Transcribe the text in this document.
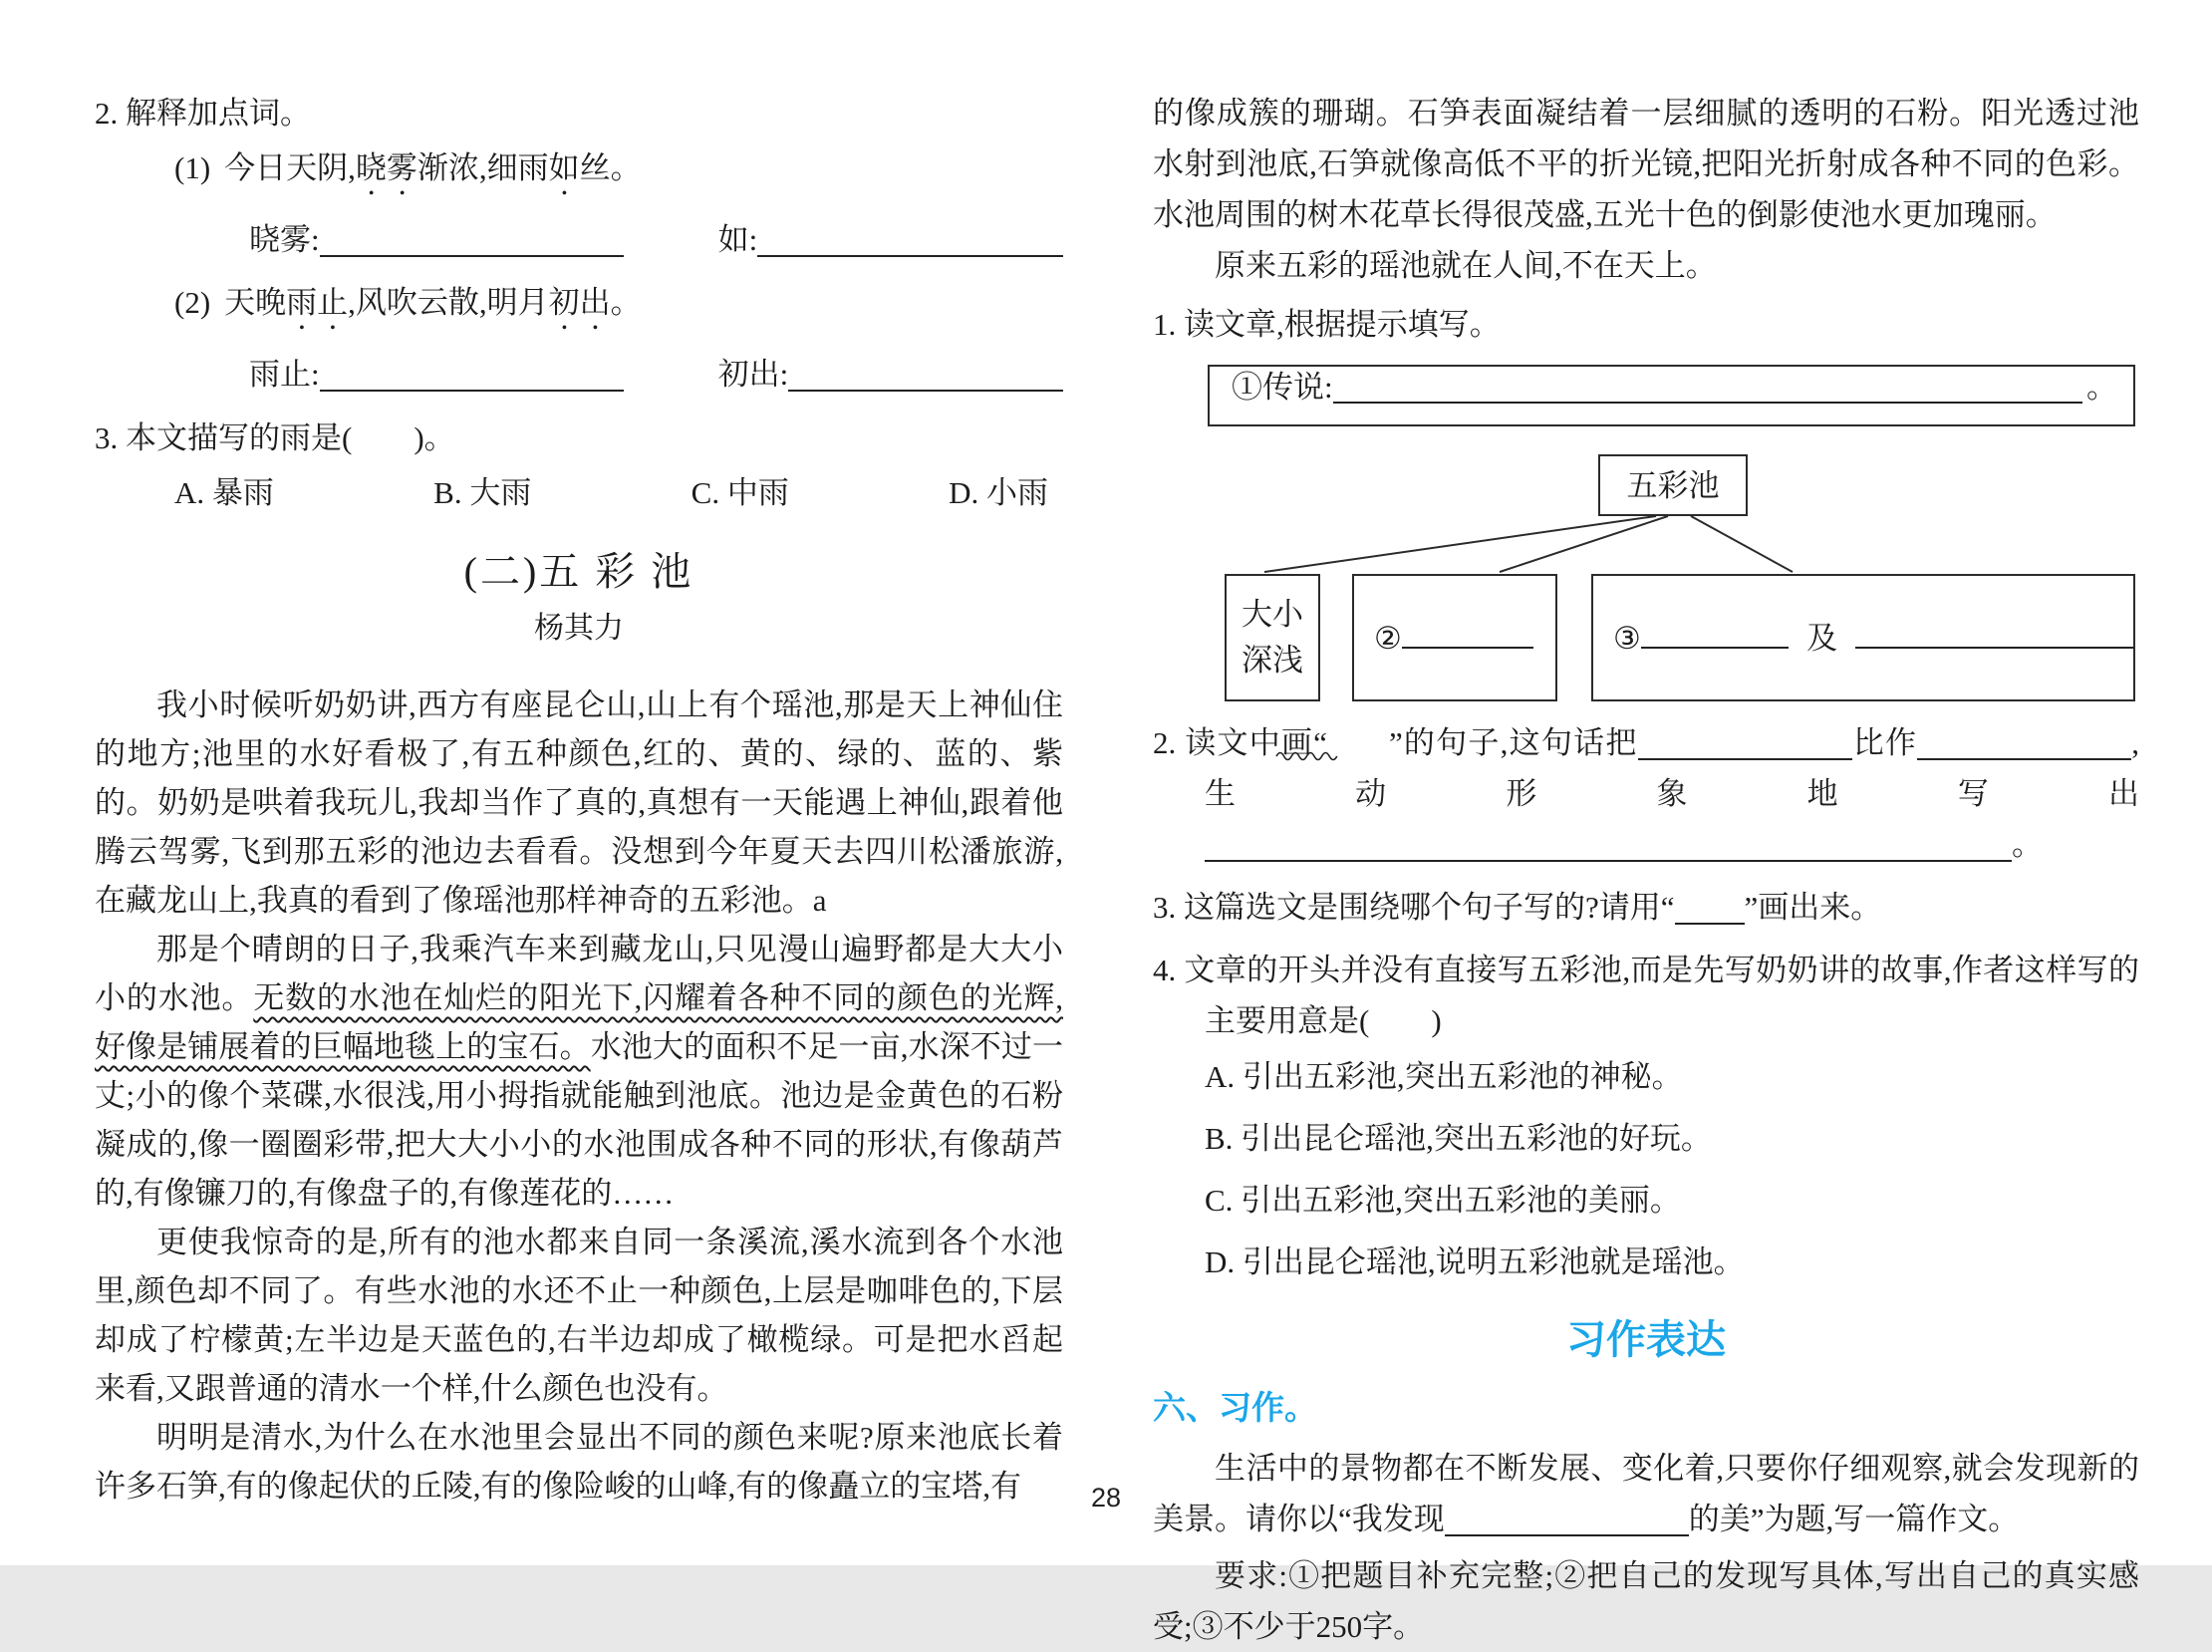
2. 解释加点词。

(1) 今日天阴,晓雾渐浓,细雨如丝。
晓雾:	如:
(2) 天晚雨止,风吹云散,明月初出。
雨止:	初出:

3. 本文描写的雨是(　　)。

A. 暴雨	B. 大雨	C. 中雨	D. 小雨

(二)五 彩 池

杨其力

我小时候听奶奶讲,西方有座昆仑山,山上有个瑶池,那是天上神仙住的地方;池里的水好看极了,有五种颜色,红的、黄的、绿的、蓝的、紫的。奶奶是哄着我玩儿,我却当作了真的,真想有一天能遇上神仙,跟着他腾云驾雾,飞到那五彩的池边去看看。没想到今年夏天去四川松潘旅游,在藏龙山上,我真的看到了像瑶池那样神奇的五彩池。a

那是个晴朗的日子,我乘汽车来到藏龙山,只见漫山遍野都是大大小小的水池。无数的水池在灿烂的阳光下,闪耀着各种不同的颜色的光辉,好像是铺展着的巨幅地毯上的宝石。水池大的面积不足一亩,水深不过一丈;小的像个菜碟,水很浅,用小拇指就能触到池底。池边是金黄色的石粉凝成的,像一圈圈彩带,把大大小小的水池围成各种不同的形状,有像葫芦的,有像镰刀的,有像盘子的,有像莲花的……

更使我惊奇的是,所有的池水都来自同一条溪流,溪水流到各个水池里,颜色却不同了。有些水池的水还不止一种颜色,上层是咖啡色的,下层却成了柠檬黄;左半边是天蓝色的,右半边却成了橄榄绿。可是把水舀起来看,又跟普通的清水一个样,什么颜色也没有。

明明是清水,为什么在水池里会显出不同的颜色来呢?原来池底长着许多石笋,有的像起伏的丘陵,有的像险峻的山峰,有的像矗立的宝塔,有

的像成簇的珊瑚。石笋表面凝结着一层细腻的透明的石粉。阳光透过池水射到池底,石笋就像高低不平的折光镜,把阳光折射成各种不同的色彩。水池周围的树木花草长得很茂盛,五光十色的倒影使池水更加瑰丽。

原来五彩的瑶池就在人间,不在天上。

1. 读文章,根据提示填写。

①传说:	。
五彩池
大小
深浅
②	③	及

2. 读文中画“ ”的句子,这句话把	比作	,生动形象地写出。

3. 这篇选文是围绕哪个句子写的?请用“ ”画出来。

4. 文章的开头并没有直接写五彩池,而是先写奶奶讲的故事,作者这样写的主要用意是(　　)

A. 引出五彩池,突出五彩池的神秘。

B. 引出昆仑瑶池,突出五彩池的好玩。

C. 引出五彩池,突出五彩池的美丽。

D. 引出昆仑瑶池,说明五彩池就是瑶池。

习作表达

六、习作。

生活中的景物都在不断发展、变化着,只要你仔细观察,就会发现新的美景。请你以“我发现	的美”为题,写一篇作文。

要求:①把题目补充完整;②把自己的发现写具体,写出自己的真实感受;③不少于250字。

28
